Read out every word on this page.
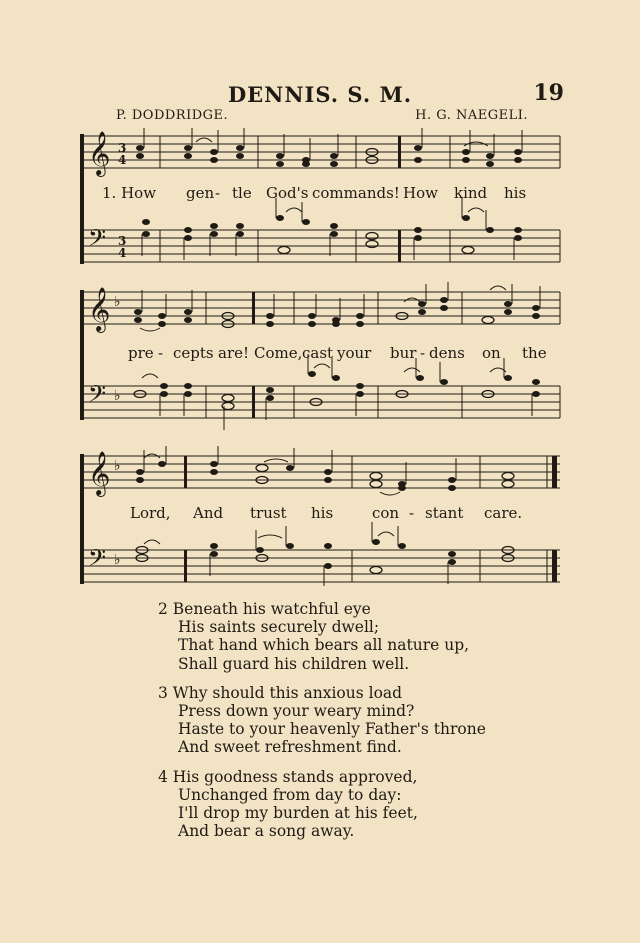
DENNIS. S. M.	19
P. DODDRIDGE.	H. G. NAEGELI.
𝄞
𝄢
3
4
3
4
1. How gen - tle God's commands! How kind his
𝄞
𝄢
♭
♭
pre - cepts are! Come, cast your bur - dens on the
𝄞
𝄢
♭
♭
Lord, And trust his	con - stant care.
2 Beneath his watchful eye
His saints securely dwell;
That hand which bears all nature up,
Shall guard his children well.
3 Why should this anxious load
Press down your weary mind?
Haste to your heavenly Father's throne
And sweet refreshment find.
4 His goodness stands approved,
Unchanged from day to day:
I'll drop my burden at his feet,
And bear a song away.
